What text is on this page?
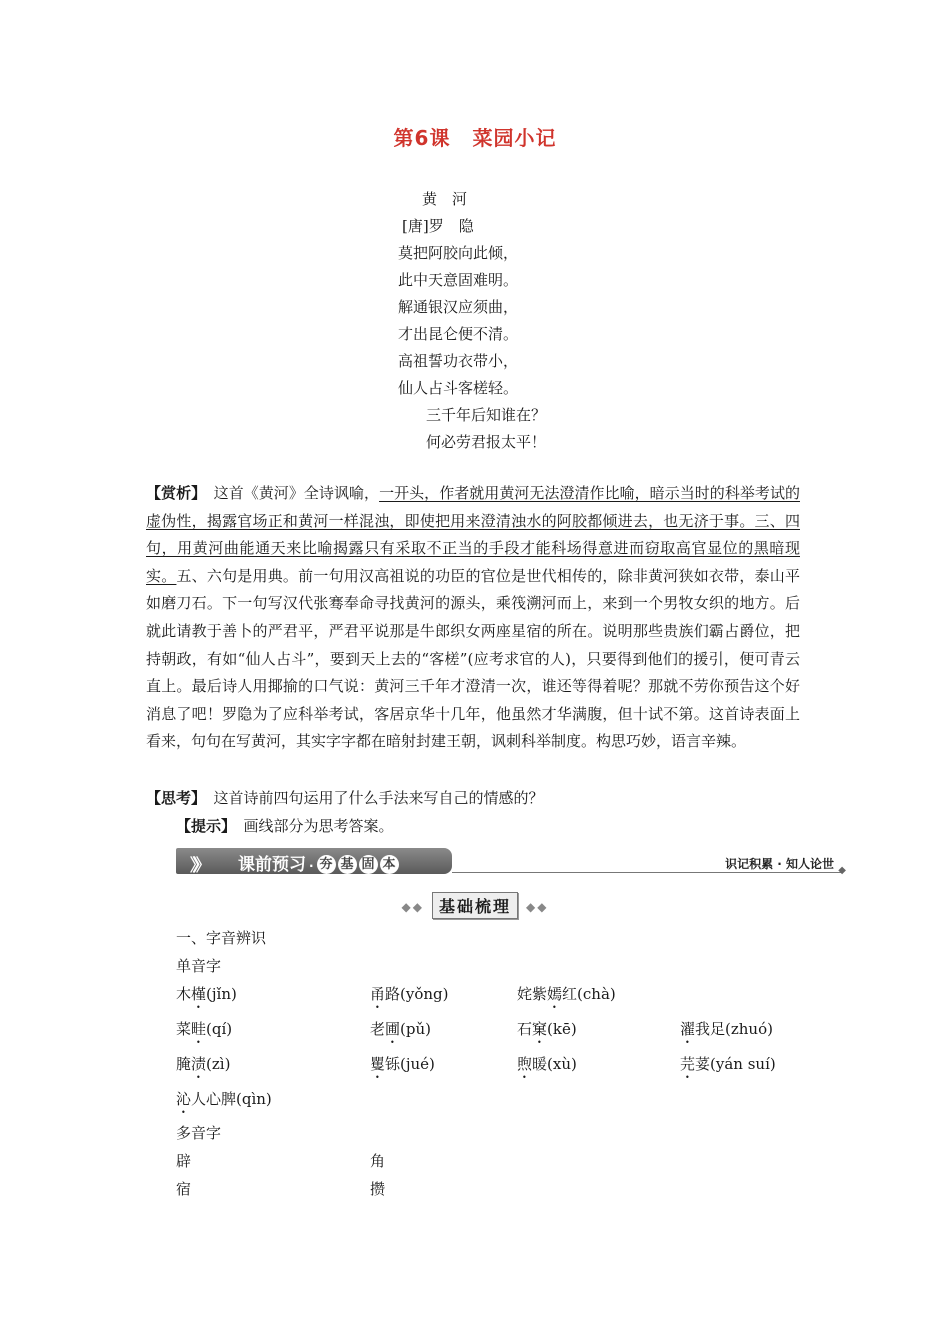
第6课 菜园小记
黄　河
[唐]罗　隐
莫把阿胶向此倾，
此中天意固难明。
解通银汉应须曲，
才出昆仑便不清。
高祖誓功衣带小，
仙人占斗客槎轻。
三千年后知谁在？
何必劳君报太平！
【赏析】　这首《黄河》全诗讽喻，一开头，作者就用黄河无法澄清作比喻，暗示当时的科举考试的虚伪性，揭露官场正和黄河一样混浊，即使把用来澄清浊水的阿胶都倾进去，也无济于事。三、四句，用黄河曲能通天来比喻揭露只有采取不正当的手段才能科场得意进而窃取高官显位的黑暗现实。五、六句是用典。前一句用汉高祖说的功臣的官位是世代相传的，除非黄河狭如衣带，泰山平如磨刀石。下一句写汉代张骞奉命寻找黄河的源头，乘筏溯河而上，来到一个男牧女织的地方。后就此请教于善卜的严君平，严君平说那是牛郎织女两座星宿的所在。说明那些贵族们霸占爵位，把持朝政，有如“仙人占斗”，要到天上去的“客槎”(应考求官的人)，只要得到他们的援引，便可青云直上。最后诗人用揶揄的口气说：黄河三千年才澄清一次，谁还等得着呢？那就不劳你预告这个好消息了吧！罗隐为了应科举考试，客居京华十几年，他虽然才华满腹，但十试不第。这首诗表面上看来，句句在写黄河，其实字字都在暗射封建王朝，讽刺科举制度。构思巧妙，语言辛辣。
【思考】　这首诗前四句运用了什么手法来写自己的情感的？
【提示】　画线部分为思考答案。
》》 课前预习 · 夯 基 固 本	识记积累 · 知人论世 ◆
◆◆ 基础梳理 ◆◆
一、字音辨识
单音字
木槿(jǐn)	甬路(yǒng)	姹紫嫣红(chà)
菜畦(qí)	老圃(pǔ)	石窠(kē)	濯我足(zhuó)
腌渍(zì)	矍铄(jué)	煦暖(xù)	芫荽(yán suí)
沁人心脾(qìn)
多音字
辟	角
宿	攒
